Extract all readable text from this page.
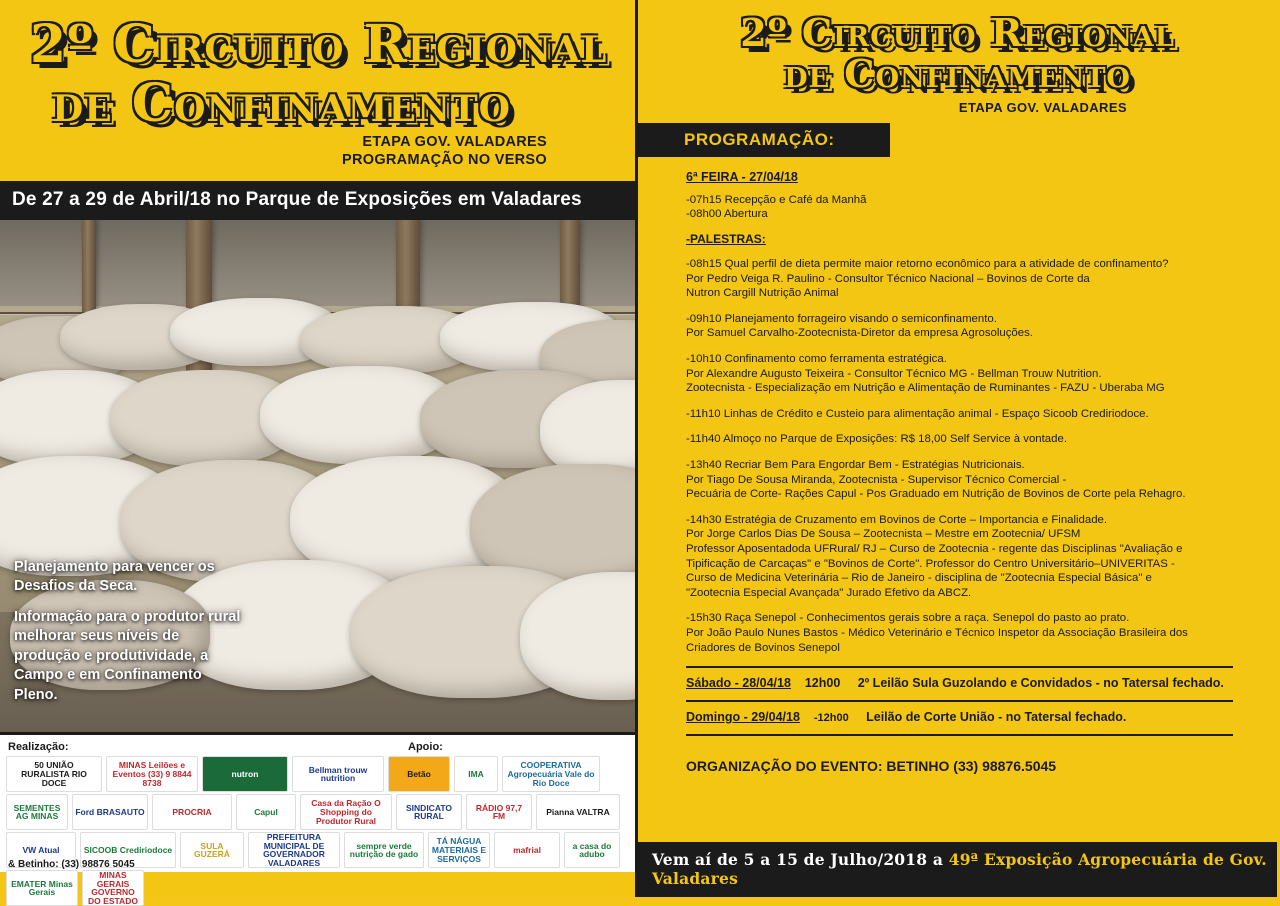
2º Circuito Regional
de Confinamento
ETAPA GOV. VALADARES
PROGRAMAÇÃO NO VERSO
De 27 a 29 de Abril/18 no Parque de Exposições em Valadares

Planejamento para vencer os Desafios da Seca.

Informação para o produtor rural melhorar seus níveis de produção e produtividade, a Campo e em Confinamento Pleno.

Realização:	Apoio:
50 UNIÃO RURALISTA RIO DOCE
MINAS Leilões e Eventos (33) 9 8844 8738
nutron	Bellman trouw nutrition	Betão	IMA
COOPERATIVA Agropecuária Vale do Rio Doce
SEMENTES AG MINAS	Ford BRASAUTO	PROCRIA	Capul
Casa da Ração O Shopping do Produtor Rural
SINDICATO RURAL
RÁDIO 97,7 FM	Pianna VALTRA
VW Atual	SICOOB Crediriodoce	SULA GUZERÁ
PREFEITURA MUNICIPAL DE GOVERNADOR VALADARES
sempre verde nutrição de gado
TÁ NÁGUA MATERIAIS E SERVIÇOS
mafrial	a casa do adubo
EMATER Minas Gerais
MINAS GERAIS GOVERNO DO ESTADO
& Betinho: (33) 98876 5045
2º Circuito Regional
de Confinamento
ETAPA GOV. VALADARES
PROGRAMAÇÃO:
6ª FEIRA - 27/04/18

-07h15 Recepção e Café da Manhã

-08h00 Abertura

-PALESTRAS:

-08h15 Qual perfil de dieta permite maior retorno econômico para a atividade de confinamento?

Por Pedro Veiga R. Paulino - Consultor Técnico Nacional – Bovinos de Corte da

Nutron Cargill Nutrição Animal

-09h10 Planejamento forrageiro visando o semiconfinamento.

Por Samuel Carvalho-Zootecnista-Diretor da empresa Agrosoluções.

-10h10 Confinamento como ferramenta estratégica.

Por Alexandre Augusto Teixeira - Consultor Técnico MG - Bellman Trouw Nutrition.

Zootecnista - Especialização em Nutrição e Alimentação de Ruminantes - FAZU - Uberaba MG

-11h10 Linhas de Crédito e Custeio para alimentação animal - Espaço Sicoob Crediriodoce.

-11h40 Almoço no Parque de Exposições: R$ 18,00 Self Service à vontade.

-13h40 Recriar Bem Para Engordar Bem - Estratégias Nutricionais.

Por Tiago De Sousa Miranda, Zootecnista - Supervisor Técnico Comercial -

Pecuária de Corte- Rações Capul - Pos Graduado em Nutrição de Bovinos de Corte pela Rehagro.

-14h30 Estratégia de Cruzamento em Bovinos de Corte – Importancia e Finalidade.

Por Jorge Carlos Dias De Sousa – Zootecnista – Mestre em Zootecnia/ UFSM

Professor Aposentadoda UFRural/ RJ – Curso de Zootecnia - regente das Disciplinas "Avaliação e

Tipificação de Carcaças" e "Bovinos de Corte". Professor do Centro Universitário–UNIVERITAS -

Curso de Medicina Veterinária – Rio de Janeiro - disciplina de "Zootecnia Especial Básica" e

"Zootecnia Especial Avançada" Jurado Efetivo da ABCZ.

-15h30 Raça Senepol - Conhecimentos gerais sobre a raça. Senepol do pasto ao prato.

Por João Paulo Nunes Bastos - Médico Veterinário e Técnico Inspetor da Associação Brasileira dos

Criadores de Bovinos Senepol

Sábado - 28/04/18 12h00 2º Leilão Sula Guzolando e Convidados - no Tatersal fechado.
Domingo - 29/04/18 -12h00 Leilão de Corte União - no Tatersal fechado.
ORGANIZAÇÃO DO EVENTO: BETINHO (33) 98876.5045
Vem aí de 5 a 15 de Julho/2018 a 49ª Exposição Agropecuária de Gov. Valadares
